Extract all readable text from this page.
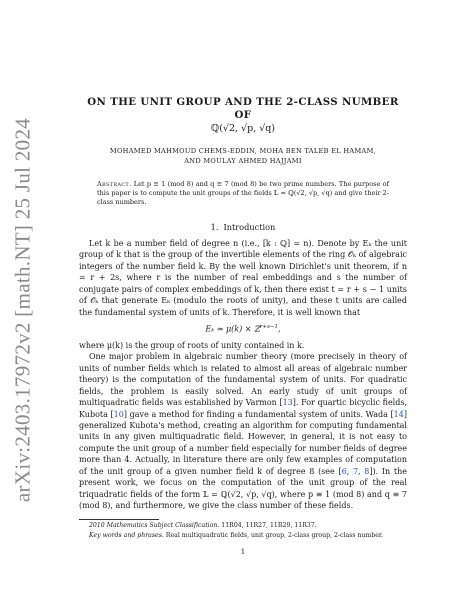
arXiv:2403.17972v2 [math.NT] 25 Jul 2024
ON THE UNIT GROUP AND THE 2-CLASS NUMBER OF
ℚ(√2, √p, √q)
MOHAMED MAHMOUD CHEMS-EDDIN, MOHA BEN TALEB EL HAMAM,
AND MOULAY AHMED HAJJAMI
Abstract. Let p ≡ 1 (mod 8) and q ≡ 7 (mod 8) be two prime numbers. The purpose of this paper is to compute the unit groups of the fields 𝕃 = ℚ(√2, √p, √q) and give their 2-class numbers.
1. Introduction

Let k be a number field of degree n (i.e., [k : ℚ] = n). Denote by Eₖ the unit group of k that is the group of the invertible elements of the ring 𝒪ₖ of algebraic integers of the number field k. By the well known Dirichlet's unit theorem, if n = r + 2s, where r is the number of real embeddings and s the number of conjugate pairs of complex embeddings of k, then there exist t = r + s − 1 units of 𝒪ₖ that generate Eₖ (modulo the roots of unity), and these t units are called the fundamental system of units of k. Therefore, it is well known that

Eₖ ≃ μ(k) × ℤ$^{r+s-1}$,

where μ(k) is the group of roots of unity contained in k.

One major problem in algebraic number theory (more precisely in theory of units of number fields which is related to almost all areas of algebraic number theory) is the computation of the fundamental system of units. For quadratic fields, the problem is easily solved. An early study of unit groups of multiquadratic fields was established by Varmon [13]. For quartic bicyclic fields, Kubota [10] gave a method for finding a fundamental system of units. Wada [14] generalized Kubota's method, creating an algorithm for computing fundamental units in any given multiquadratic field. However, in general, it is not easy to compute the unit group of a number field especially for number fields of degree more than 4. Actually, in literature there are only few examples of computation of the unit group of a given number field k of degree 8 (see [6, 7, 8]). In the present work, we focus on the computation of the unit group of the real triquadratic fields of the form 𝕃 = ℚ(√2, √p, √q), where p ≡ 1 (mod 8) and q ≡ 7 (mod 8), and furthermore, we give the class number of these fields.

2010 Mathematics Subject Classification. 11R04, 11R27, 11R29, 11R37.
Key words and phrases. Real multiquadratic fields, unit group, 2-class group, 2-class number.
1
